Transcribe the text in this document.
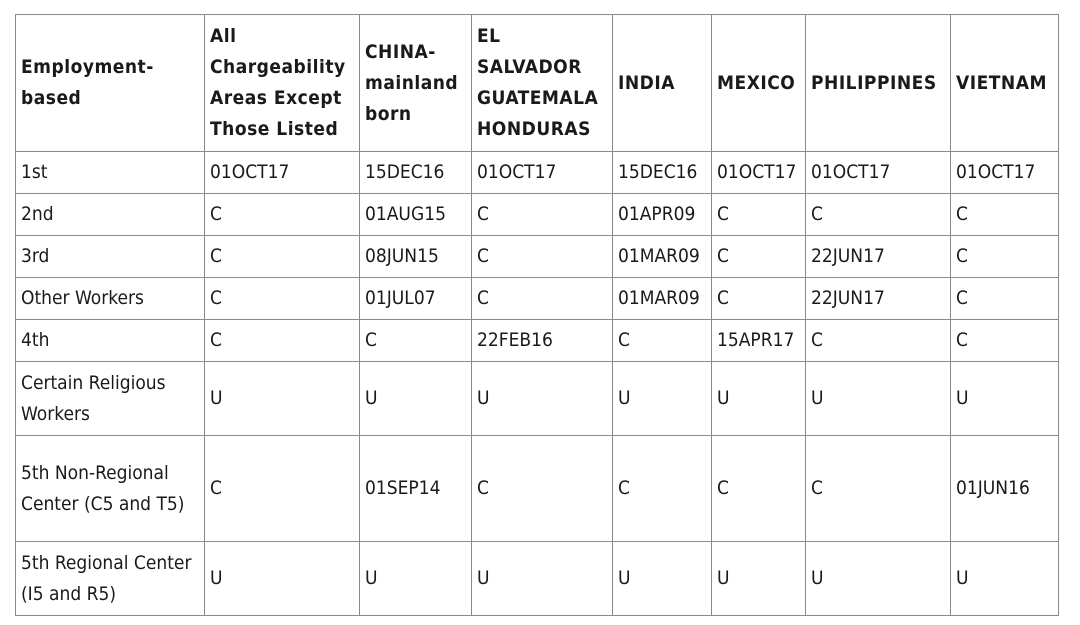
Employment-based	All Chargeability Areas Except Those Listed	CHINA-mainland born	EL SALVADOR GUATEMALA HONDURAS	INDIA	MEXICO	PHILIPPINES	VIETNAM
1st	01OCT17	15DEC16	01OCT17	15DEC16	01OCT17	01OCT17	01OCT17
2nd	C	01AUG15	C	01APR09	C	C	C
3rd	C	08JUN15	C	01MAR09	C	22JUN17	C
Other Workers	C	01JUL07	C	01MAR09	C	22JUN17	C
4th	C	C	22FEB16	C	15APR17	C	C
Certain Religious Workers	U	U	U	U	U	U	U
5th Non-Regional Center (C5 and T5)	C	01SEP14	C	C	C	C	01JUN16
5th Regional Center (I5 and R5)	U	U	U	U	U	U	U
